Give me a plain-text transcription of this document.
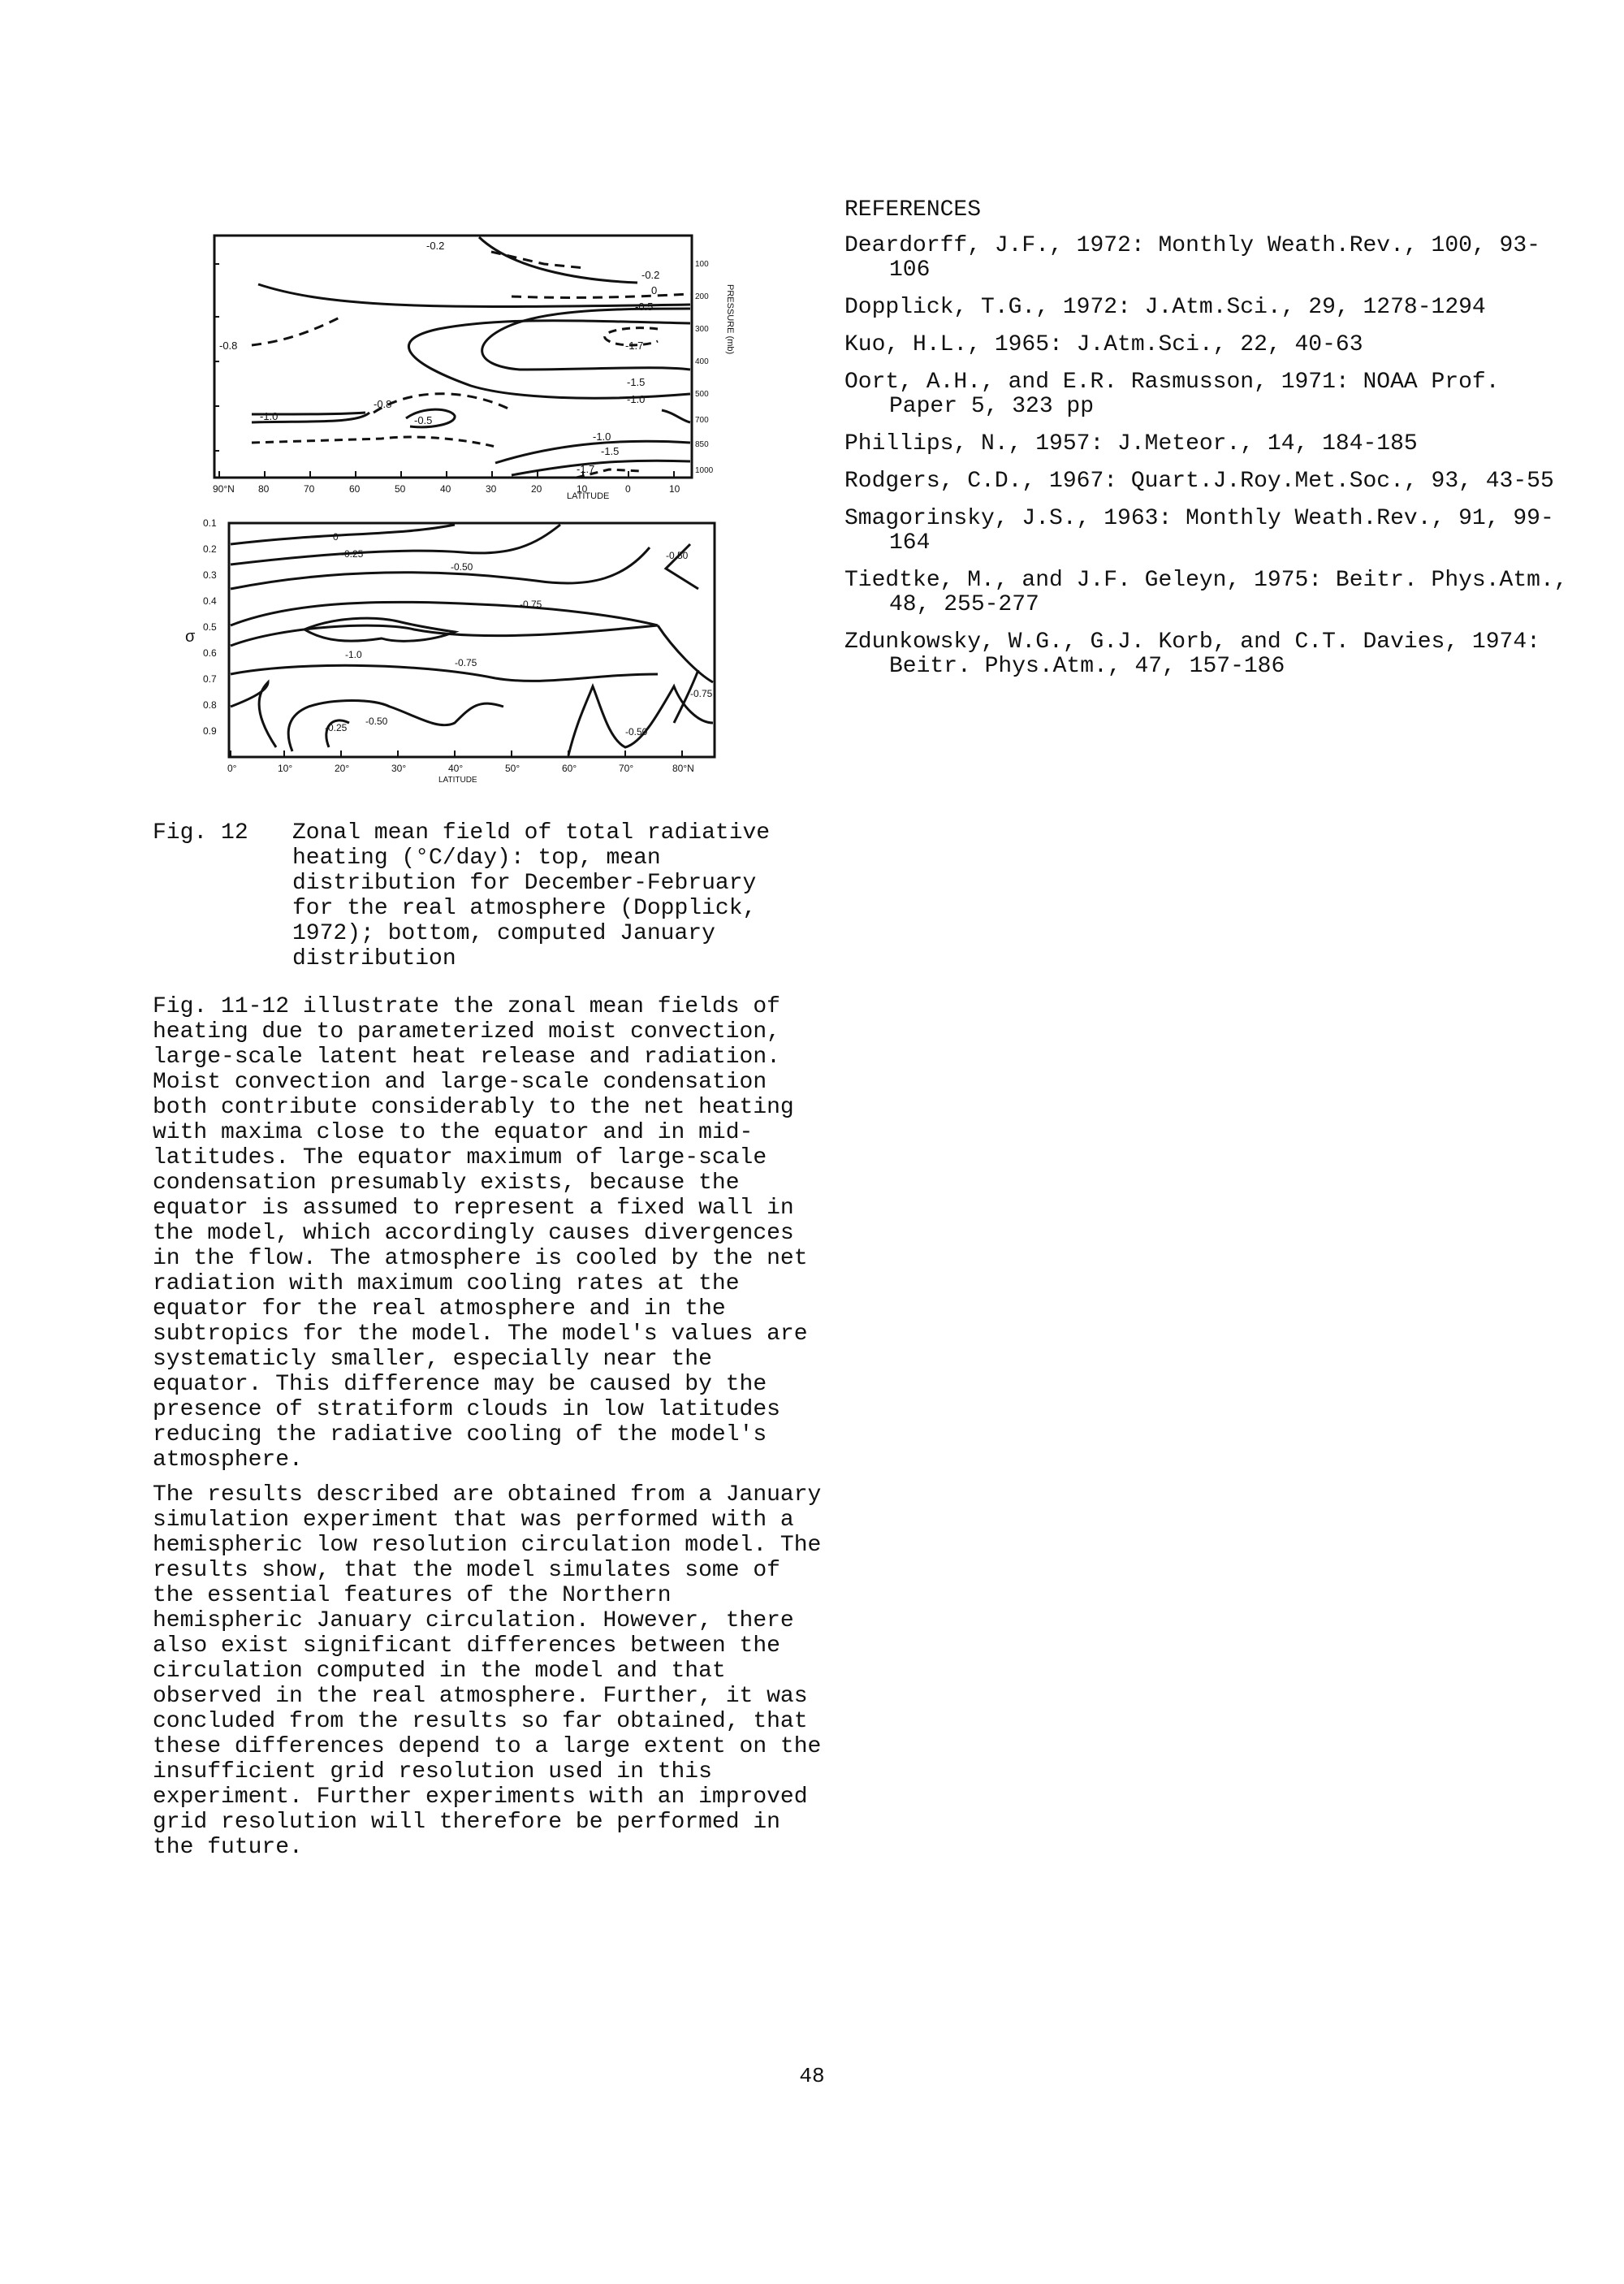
-0.2
-0.2
0
-0.5
-1.7
-0.8
-1.5
-1.0
-0.8
-1.0	-0.5
-1.0
-1.5
-1.7
90°N 80	70	60	50	40	30	20	10	0	10
LATITUDE
100
200
300
400
500
700
850
1000
PRESSURE (mb)
0
-0.25
-0.50
-0.50
-0.75
-1.0
-0.75
-0.75
-0.25
-0.50
-0.50
0.1
0.2
0.3
0.4
0.5
0.6
0.7
0.8
0.9
σ
0°	10°	20°	30°	40°	50°	60°	70°	80°N
LATITUDE
Fig. 12 Zonal mean field of total radiative heating (°C/day): top, mean distribution for December-February for the real atmosphere (Dopplick, 1972); bottom, computed January distribution

Fig. 11-12 illustrate the zonal mean fields of heating due to parameterized moist convection, large-scale latent heat release and radiation. Moist convection and large-scale condensation both contribute considerably to the net heating with maxima close to the equator and in mid-latitudes. The equator maximum of large-scale condensation presumably exists, because the equator is assumed to represent a fixed wall in the model, which accordingly causes divergences in the flow. The atmosphere is cooled by the net radiation with maximum cooling rates at the equator for the real atmosphere and in the subtropics for the model. The model's values are systematicly smaller, especially near the equator. This difference may be caused by the presence of stratiform clouds in low latitudes reducing the radiative cooling of the model's atmosphere.

The results described are obtained from a January simulation experiment that was performed with a hemispheric low resolution circulation model. The results show, that the model simulates some of the essential features of the Northern hemispheric January circulation. However, there also exist significant differences between the circulation computed in the model and that observed in the real atmosphere. Further, it was concluded from the results so far obtained, that these differences depend to a large extent on the insufficient grid resolution used in this experiment. Further experiments with an improved grid resolution will therefore be performed in the future.

REFERENCES
Deardorff, J.F., 1972: Monthly Weath.Rev., 100, 93-106
Dopplick, T.G., 1972: J.Atm.Sci., 29, 1278-1294
Kuo, H.L., 1965: J.Atm.Sci., 22, 40-63
Oort, A.H., and E.R. Rasmusson, 1971: NOAA Prof. Paper 5, 323 pp
Phillips, N., 1957: J.Meteor., 14, 184-185
Rodgers, C.D., 1967: Quart.J.Roy.Met.Soc., 93, 43-55
Smagorinsky, J.S., 1963: Monthly Weath.Rev., 91, 99-164
Tiedtke, M., and J.F. Geleyn, 1975: Beitr. Phys.Atm., 48, 255-277
Zdunkowsky, W.G., G.J. Korb, and C.T. Davies, 1974: Beitr. Phys.Atm., 47, 157-186
48
